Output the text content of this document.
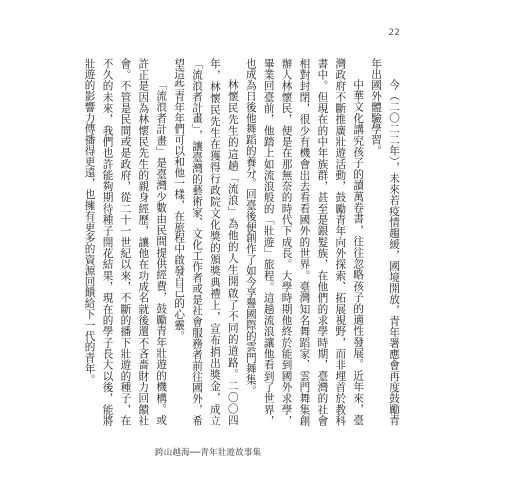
22

今（二〇二二年），未來若疫情趨緩，國境開放，青年署應會再度鼓勵青年出國外體驗學習。

中華文化講究孩子的讀萬卷書，往往忽略孩子的適性發展。近年來，臺灣政府不斷推廣壯遊活動，鼓勵青年向外探索、拓展視野，而非埋首於教科書中。但現在的中年族群，甚至是銀髮族，在他們的求學時期，臺灣的社會相對封閉，很少有機會出去看看國外的世界。臺灣知名舞蹈家、雲門舞集創辦人林懷民，便是在那無奈的時代下成長。大學時期他終於能到國外求學，畢業回臺前，他踏上如流浪般的「壯遊」旅程。這趟流浪讓他看到了世界，也成為日後他舞蹈的養分。回臺後便創作了如今享譽國際的雲門舞集。

林懷民先生的這趟「流浪」為他的人生開啟了不同的道路。二〇〇四年，林懷民先生在獲得行政院文化獎的頒獎典禮上，宣布捐出獎金，成立「流浪者計畫」，讓臺灣的藝術家、文化工作者或是社會服務者前往國外，希望這些青年年們可以和他一樣，在旅程中啟發自己的心靈。

「流浪者計畫」是臺灣少數由民間提供經費，鼓勵青年壯遊的機構。或許正是因為林懷民先生的親身經歷，讓他在功成名就後還不吝嗇財力回饋社會。不管是民間或是政府，從二十一世紀以來，不斷的播下壯遊的種子，在不久的未來，我們也許能夠期待種子開花結果，現在的學子長大以後，能將壯遊的影響力傳播得更遠，也擁有更多的資源回饋給下一代的青年。

跨山越海──青年壯遊故事集
